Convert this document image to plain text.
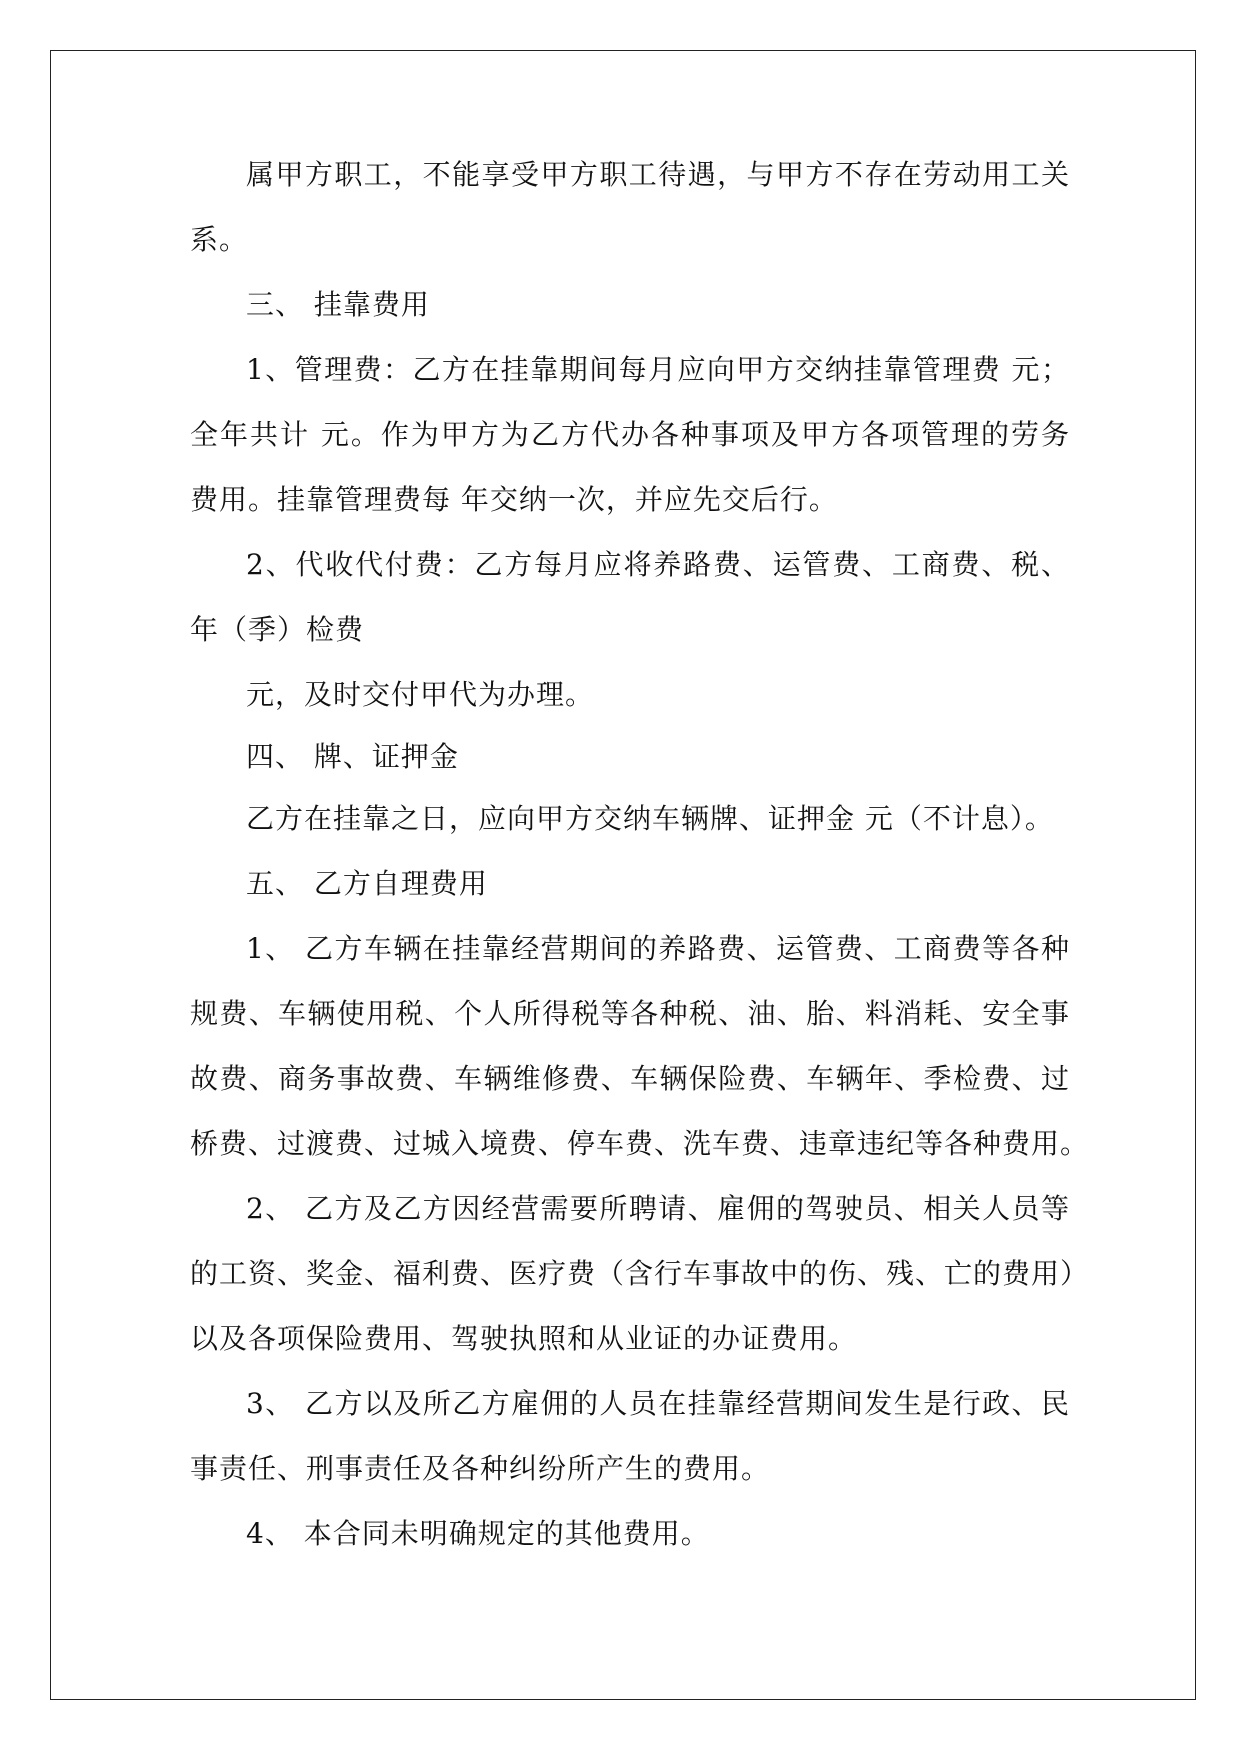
属甲方职工，不能享受甲方职工待遇，与甲方不存在劳动用工关
系。
三、 挂靠费用
1、管理费：乙方在挂靠期间每月应向甲方交纳挂靠管理费 元；
全年共计 元。作为甲方为乙方代办各种事项及甲方各项管理的劳务
费用。挂靠管理费每 年交纳一次，并应先交后行。
2、代收代付费：乙方每月应将养路费、运管费、工商费、税、
年（季）检费
元，及时交付甲代为办理。
四、 牌、证押金
乙方在挂靠之日，应向甲方交纳车辆牌、证押金 元（不计息）。
五、 乙方自理费用
1、 乙方车辆在挂靠经营期间的养路费、运管费、工商费等各种
规费、车辆使用税、个人所得税等各种税、油、胎、料消耗、安全事
故费、商务事故费、车辆维修费、车辆保险费、车辆年、季检费、过
桥费、过渡费、过城入境费、停车费、洗车费、违章违纪等各种费用。
2、 乙方及乙方因经营需要所聘请、雇佣的驾驶员、相关人员等
的工资、奖金、福利费、医疗费（含行车事故中的伤、残、亡的费用）
以及各项保险费用、驾驶执照和从业证的办证费用。
3、 乙方以及所乙方雇佣的人员在挂靠经营期间发生是行政、民
事责任、刑事责任及各种纠纷所产生的费用。
4、 本合同未明确规定的其他费用。
